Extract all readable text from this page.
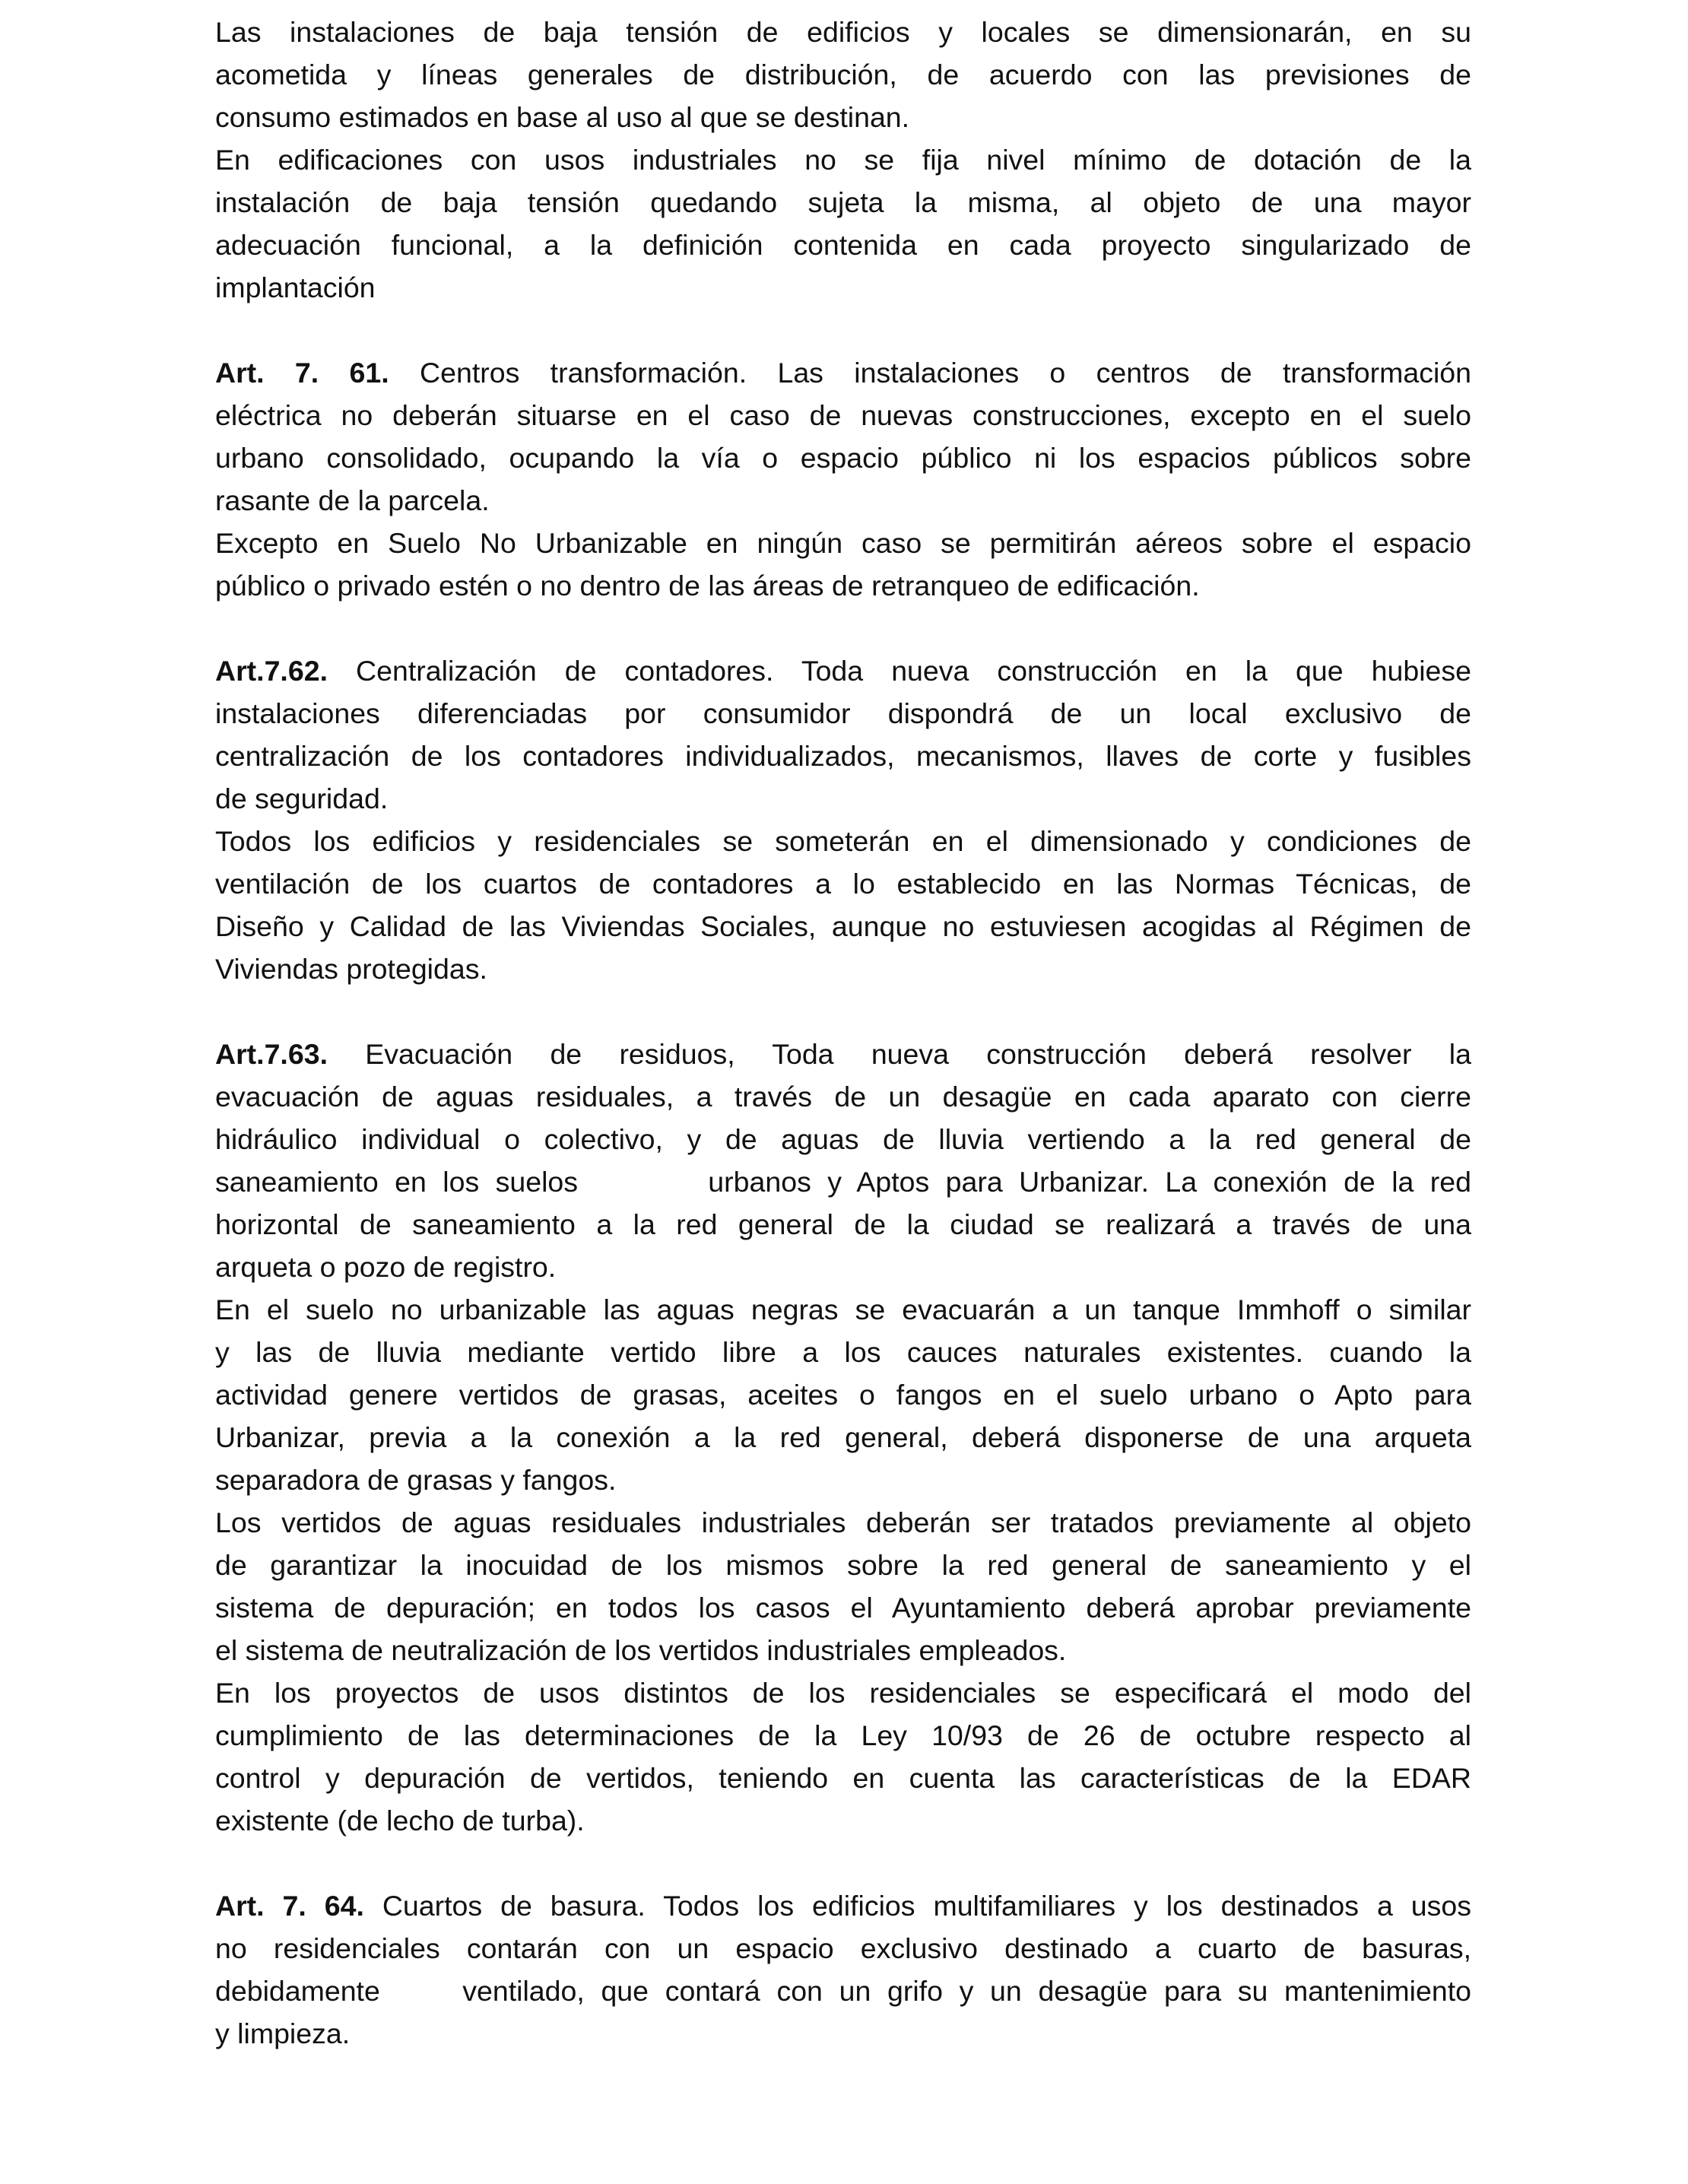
Las instalaciones de baja tensión de edificios y locales se dimensionarán, en su
acometida y líneas generales de distribución, de acuerdo con las previsiones de
consumo estimados en base al uso al que se destinan.
En edificaciones con usos industriales no se fija nivel mínimo de dotación de la
instalación de baja tensión quedando sujeta la misma, al objeto de una mayor
adecuación funcional, a la definición contenida en cada proyecto singularizado de
implantación
Art. 7. 61. Centros transformación. Las instalaciones o centros de transformación
eléctrica no deberán situarse en el caso de nuevas construcciones, excepto en el suelo
urbano consolidado, ocupando la vía o espacio público ni los espacios públicos sobre
rasante de la parcela.
Excepto en Suelo No Urbanizable en ningún caso se permitirán aéreos sobre el espacio
público o privado estén o no dentro de las áreas de retranqueo de edificación.
Art.7.62. Centralización de contadores. Toda nueva construcción en la que hubiese
instalaciones diferenciadas por consumidor dispondrá de un local exclusivo de
centralización de los contadores individualizados, mecanismos, llaves de corte y fusibles
de seguridad.
Todos los edificios y residenciales se someterán en el dimensionado y condiciones de
ventilación de los cuartos de contadores a lo establecido en las Normas Técnicas, de
Diseño y Calidad de las Viviendas Sociales, aunque no estuviesen acogidas al Régimen de
Viviendas protegidas.
Art.7.63. Evacuación de residuos, Toda nueva construcción deberá resolver la
evacuación de aguas residuales, a través de un desagüe en cada aparato con cierre
hidráulico individual o colectivo, y de aguas de lluvia vertiendo a la red general de
saneamiento en los suelos        urbanos y Aptos para Urbanizar. La conexión de la red
horizontal de saneamiento a la red general de la ciudad se realizará a través de una
arqueta o pozo de registro.
En el suelo no urbanizable las aguas negras se evacuarán a un tanque Immhoff o similar
y las de lluvia mediante vertido libre a los cauces naturales existentes. cuando la
actividad genere vertidos de grasas, aceites o fangos en el suelo urbano o Apto para
Urbanizar, previa a la conexión a la red general, deberá disponerse de una arqueta
separadora de grasas y fangos.
Los vertidos de aguas residuales industriales deberán ser tratados previamente al objeto
de garantizar la inocuidad de los mismos sobre la red general de saneamiento y el
sistema de depuración; en todos los casos el Ayuntamiento deberá aprobar previamente
el sistema de neutralización de los vertidos industriales empleados.
En los proyectos de usos distintos de los residenciales se especificará el modo del
cumplimiento de las determinaciones de la Ley 10/93 de 26 de octubre respecto al
control y depuración de vertidos, teniendo en cuenta las características de la EDAR
existente (de lecho de turba).
Art. 7. 64. Cuartos de basura. Todos los edificios multifamiliares y los destinados a usos
no residenciales contarán con un espacio exclusivo destinado a cuarto de basuras,
debidamente     ventilado, que contará con un grifo y un desagüe para su mantenimiento
y limpieza.
